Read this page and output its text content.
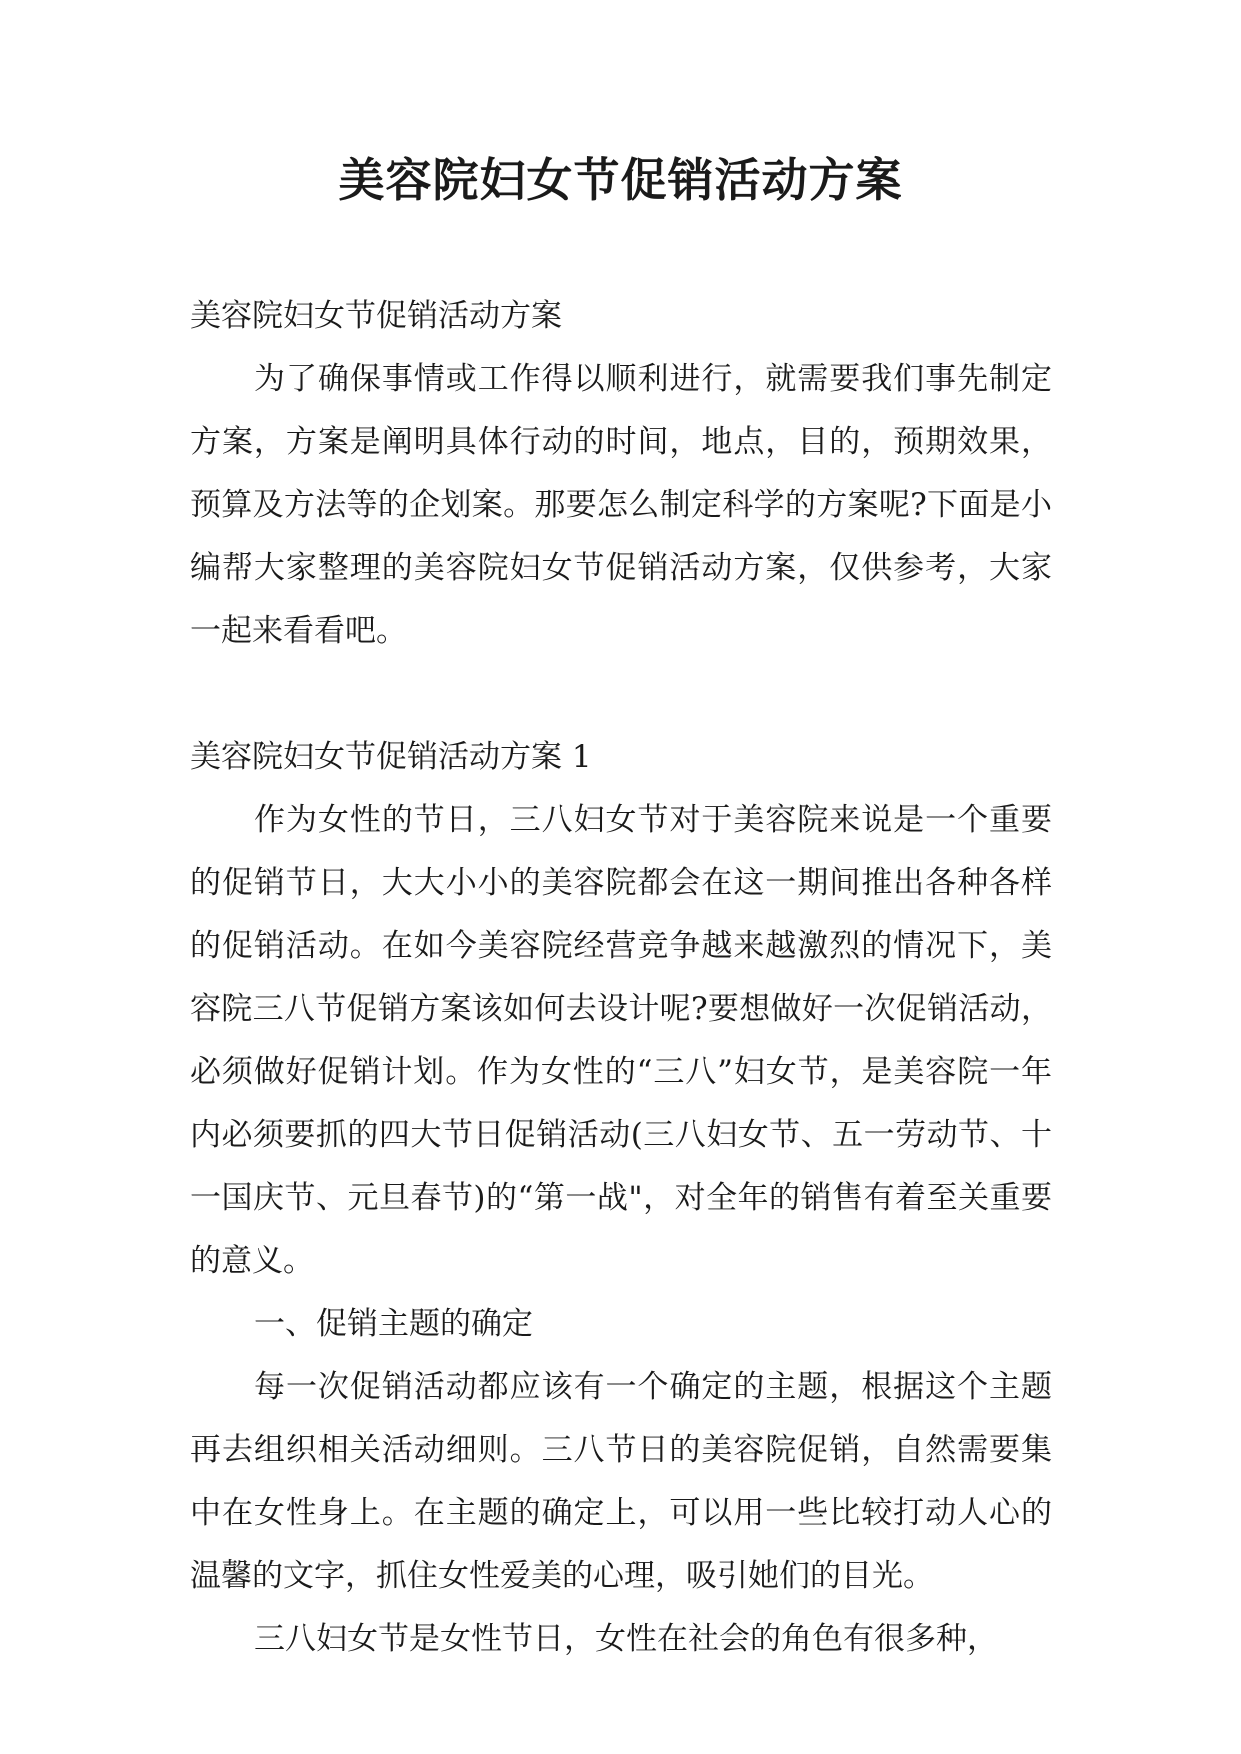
美容院妇女节促销活动方案

美容院妇女节促销活动方案

为了确保事情或工作得以顺利进行，就需要我们事先制定方案，方案是阐明具体行动的时间，地点，目的，预期效果，预算及方法等的企划案。那要怎么制定科学的方案呢?下面是小编帮大家整理的美容院妇女节促销活动方案，仅供参考，大家一起来看看吧。

美容院妇女节促销活动方案 1

作为女性的节日，三八妇女节对于美容院来说是一个重要的促销节日，大大小小的美容院都会在这一期间推出各种各样的促销活动。在如今美容院经营竞争越来越激烈的情况下，美容院三八节促销方案该如何去设计呢?要想做好一次促销活动，必须做好促销计划。作为女性的“三八”妇女节，是美容院一年内必须要抓的四大节日促销活动(三八妇女节、五一劳动节、十一国庆节、元旦春节)的“第一战"，对全年的销售有着至关重要的意义。

一、促销主题的确定

每一次促销活动都应该有一个确定的主题，根据这个主题再去组织相关活动细则。三八节日的美容院促销，自然需要集中在女性身上。在主题的确定上，可以用一些比较打动人心的温馨的文字，抓住女性爱美的心理，吸引她们的目光。

三八妇女节是女性节日，女性在社会的角色有很多种，
